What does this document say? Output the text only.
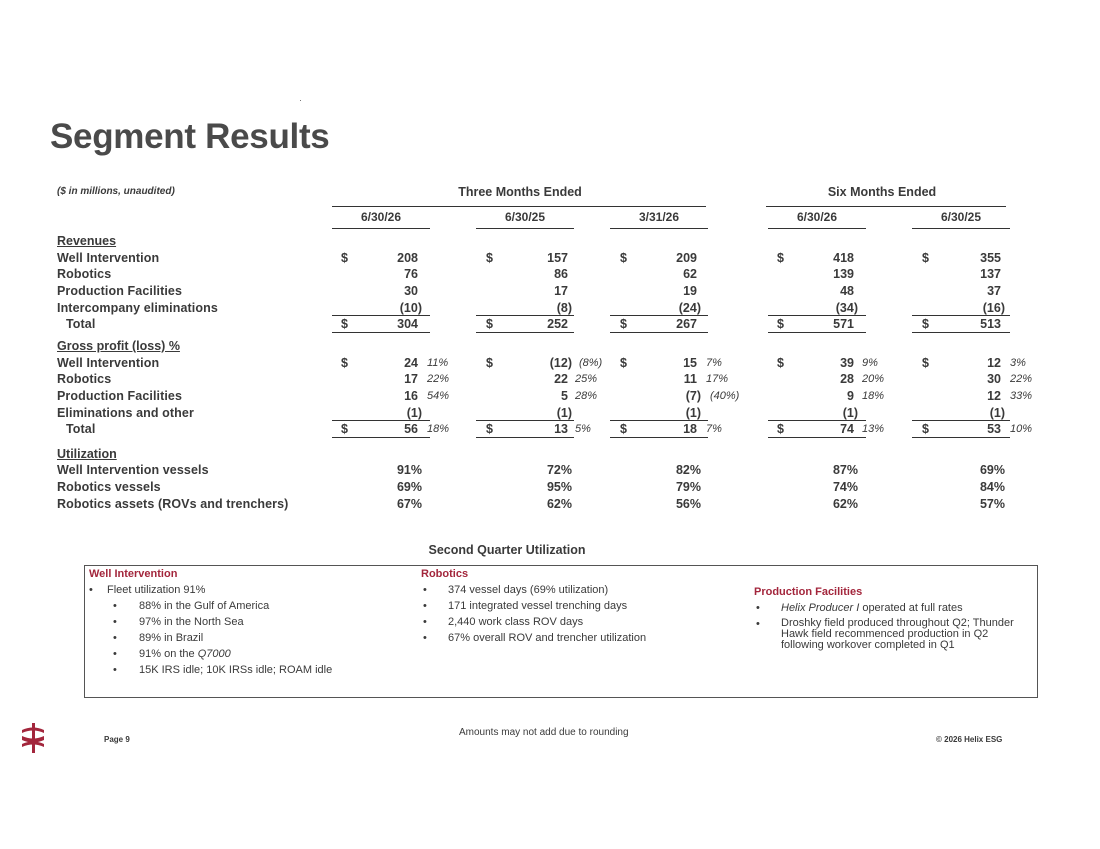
Segment Results
($ in millions, unaudited)	Three Months Ended	Six Months Ended
6/30/26	6/30/25	3/31/26	6/30/26	6/30/25
Revenues
Well Intervention	$	208	$	157	$	209	$	418	$	355
Robotics	76	86	62	139	137
Production Facilities	30	17	19	48	37
Intercompany eliminations	(10)	(8)	(24)	(34)	(16)
Total	$	304	$	252	$	267	$	571	$	513
Gross profit (loss) %
Well Intervention	$	24 11%	$	(12) (8%) $	15 7%	$	39 9%	$	12 3%
Robotics	17 22%	22 25%	11 17%	28 20%	30 22%
Production Facilities	16 54%	5 28%	(7) (40%)	9 18%	12 33%
Eliminations and other	(1)	(1)	(1)	(1)	(1)
Total	$	56 18%	$	13 5% $	18 7%	$	74 13%	$	53 10%
Utilization
Well Intervention vessels	91%	72%	82%	87%	69%
Robotics vessels	69%	95%	79%	74%	84%
Robotics assets (ROVs and trenchers)	67%	62%	56%	62%	57%
Second Quarter Utilization
Well Intervention
• Fleet utilization 91%
• 88% in the Gulf of America
• 97% in the North Sea
• 89% in Brazil
• 91% on the Q7000
• 15K IRS idle; 10K IRSs idle; ROAM idle
Robotics
• 374 vessel days (69% utilization)
• 171 integrated vessel trenching days
• 2,440 work class ROV days
• 67% overall ROV and trencher utilization
Production Facilities
• Helix Producer I operated at full rates
• Droshky field produced throughout Q2; Thunder Hawk field recommenced production in Q2 following workover completed in Q1
Page 9
Amounts may not add due to rounding
© 2026 Helix ESG
